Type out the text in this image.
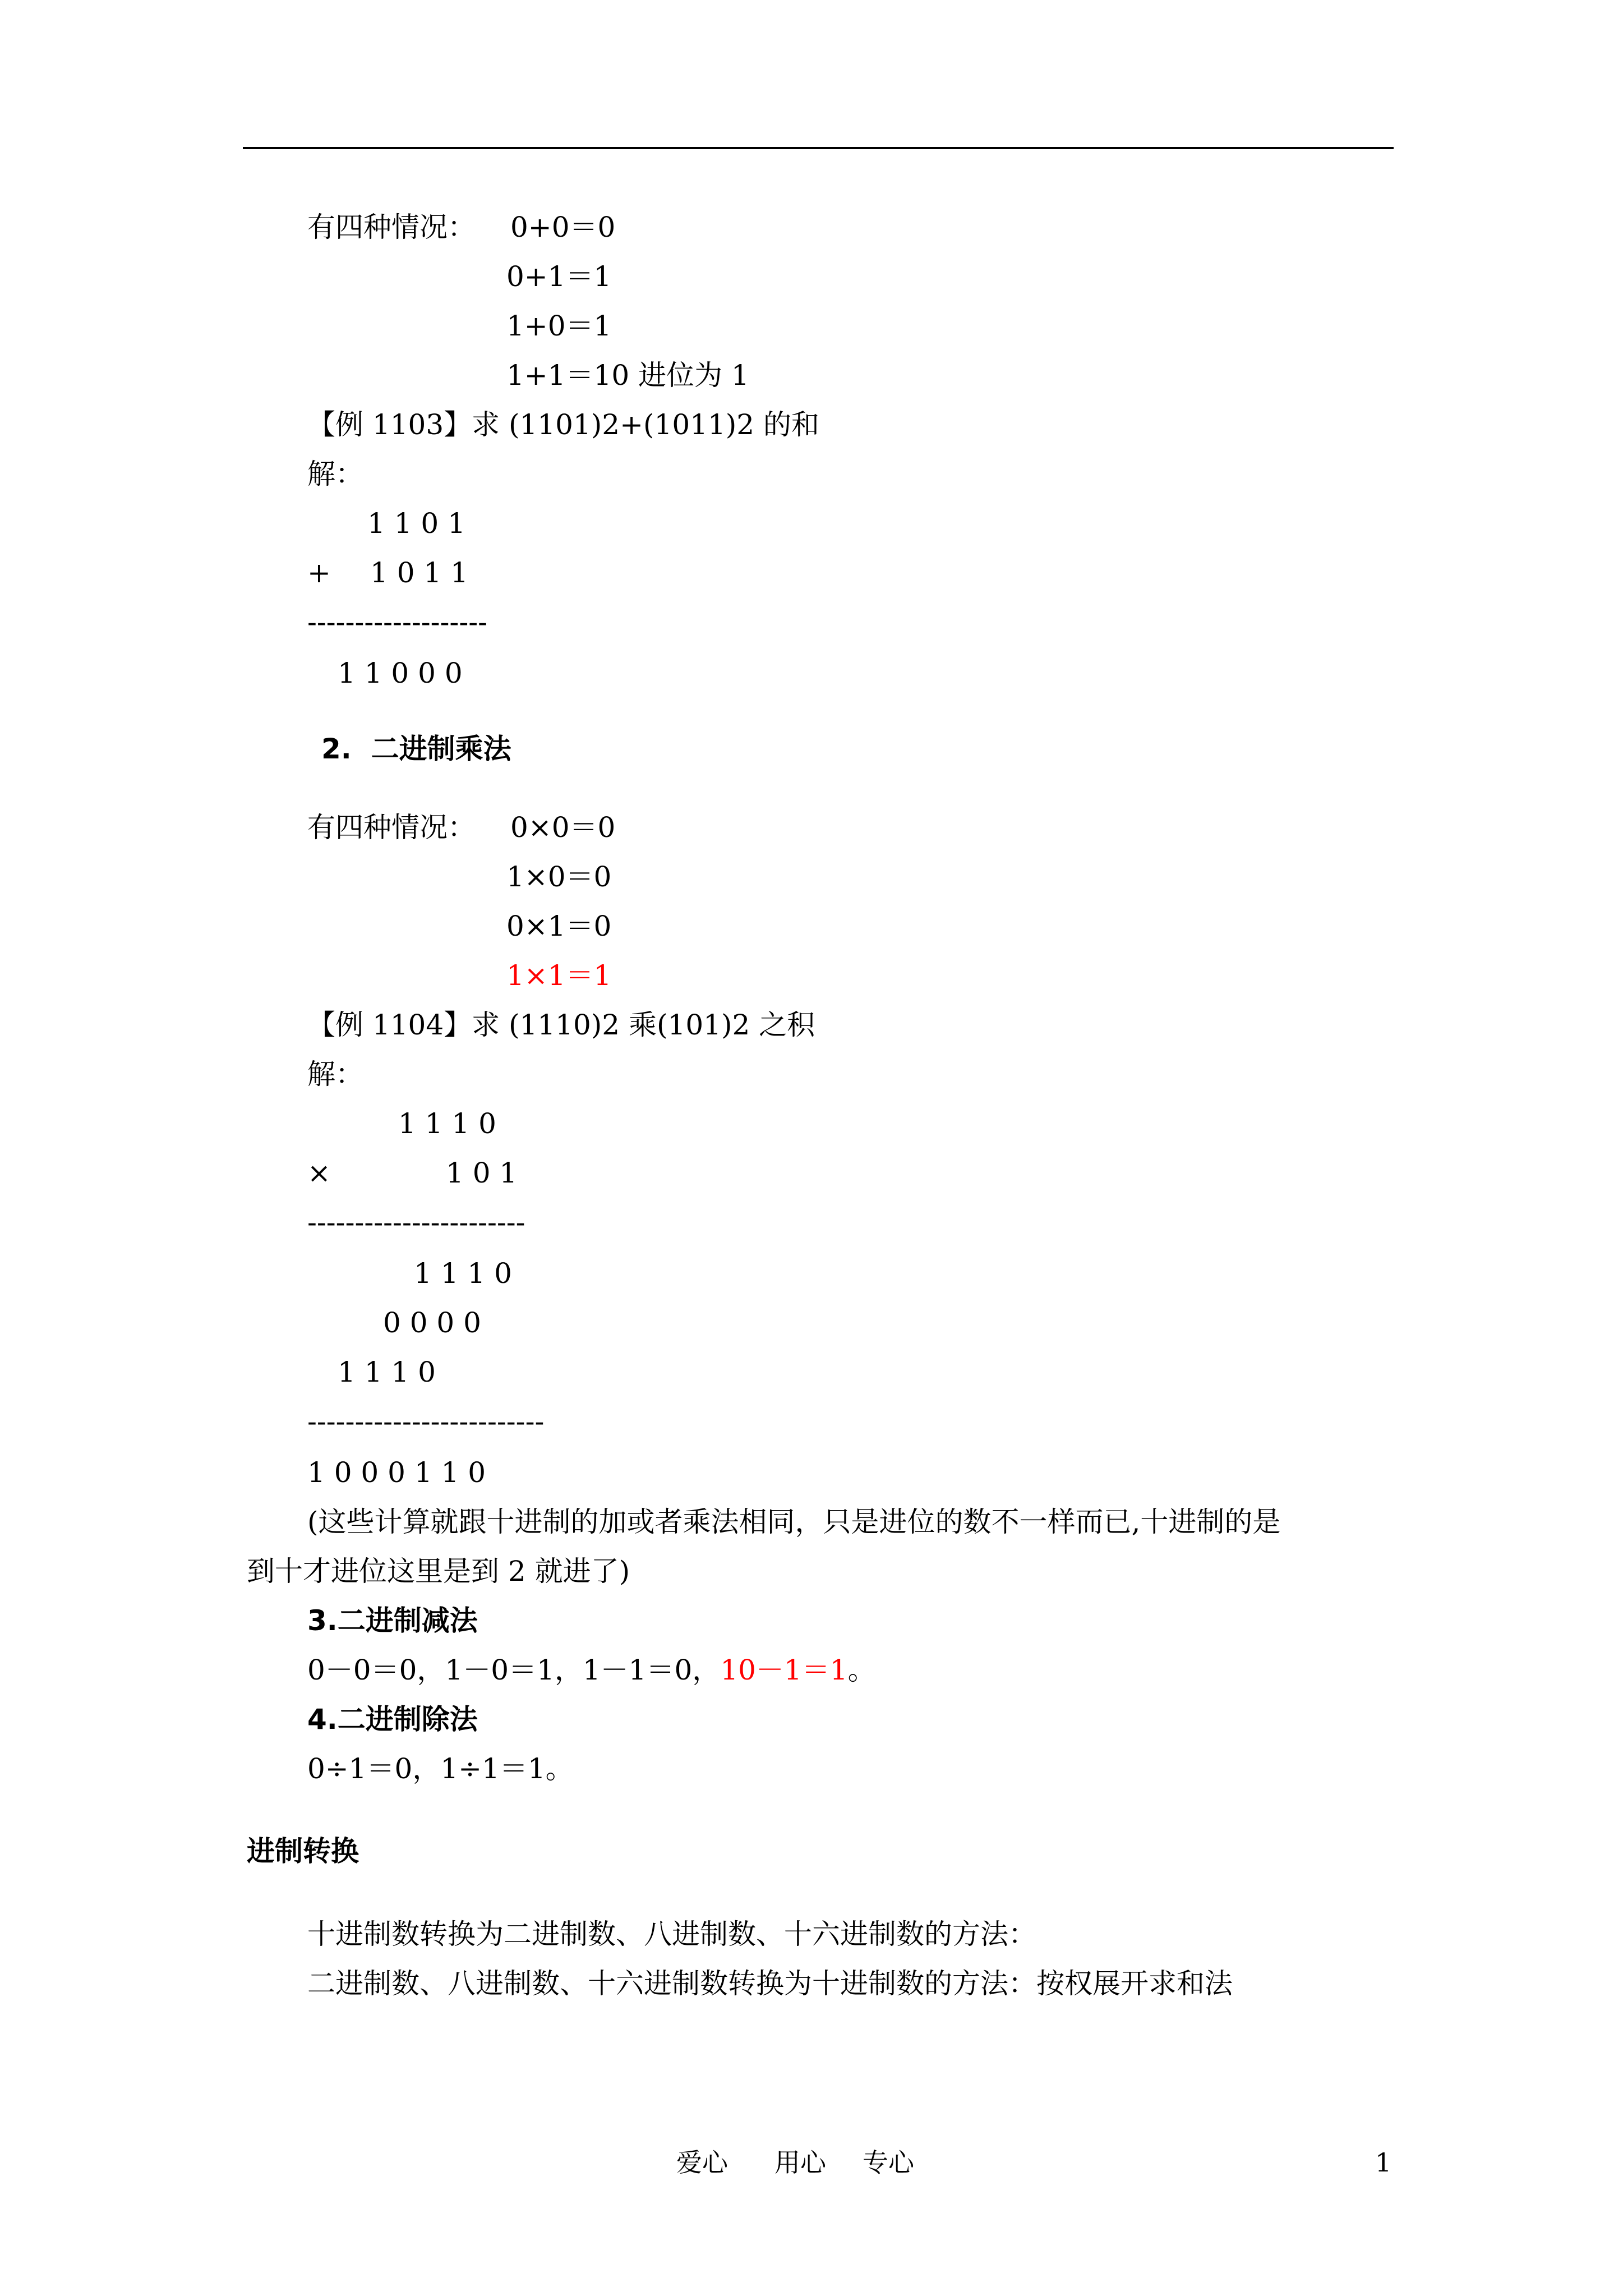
有四种情况： 0+0＝0
0+1＝1
1+0＝1
1+1＝10 进位为 1
【例 1103】求 (1101)2+(1011)2 的和
解：
1 1 0 1
+ 1 0 1 1
-------------------
1 1 0 0 0
2.  二进制乘法
有四种情况： 0×0＝0
1×0＝0
0×1＝0
1×1＝1
【例 1104】求 (1110)2 乘(101)2 之积
解：
1 1 1 0
×	1 0 1
-----------------------
1 1 1 0
0 0 0 0
1 1 1 0
-------------------------
1 0 0 0 1 1 0
(这些计算就跟十进制的加或者乘法相同，只是进位的数不一样而已,十进制的是
到十才进位这里是到 2 就进了)
3.二进制减法
0－0＝0，1－0＝1，1－1＝0，10－1＝1。
4.二进制除法
0÷1＝0，1÷1＝1。
进制转换
十进制数转换为二进制数、八进制数、十六进制数的方法：
二进制数、八进制数、十六进制数转换为十进制数的方法：按权展开求和法
爱心 用心 专心	1
